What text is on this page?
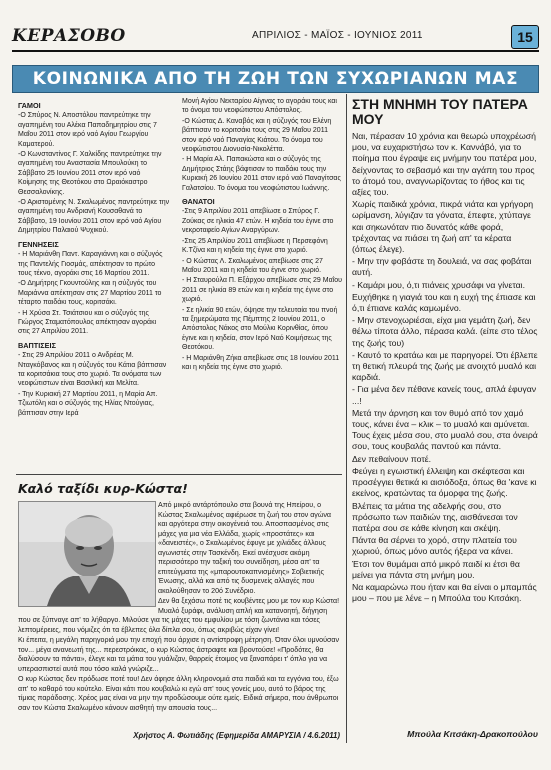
ΚΕΡΑΣΟΒΟ	ΑΠΡΙΛΙΟΣ - ΜΑΪΟΣ - ΙΟΥΝΙΟΣ 2011	15
ΚΟΙΝΩΝΙΚΑ ΑΠΟ ΤΗ ΖΩΗ ΤΩΝ ΣΥΧΩΡΙΑΝΩΝ ΜΑΣ
ΓΑΜΟΙ

-Ο Σπύρος Ν. Αποστόλου παντρεύτηκε την αγαπημένη του Αλέκα Παπαδημητρίου στις 7 Μαΐου 2011 στον ιερό ναό Αγίου Γεωργίου Καματερού.

-Ο Κωνσταντίνος Γ. Χαλκίδης παντρεύτηκε την αγαπημένη του Αναστασία Μπουλούκη το Σάββατο 25 Ιουνίου 2011 στον ιερό ναό Κοίμησης της Θεοτόκου στο Ωραιόκαστρο Θεσσαλονίκης.

-Ο Αριστομένης Ν. Σκαλωμένος παντρεύτηκε την αγαπημένη του Ανδριανή Κουσαθανά το Σάββατο, 19 Ιουνίου 2011 στον ιερό ναό Αγίου Δημητρίου Παλαιού Ψυχικού.

ΓΕΝΝΗΣΕΙΣ

- Η Μαριάνθη Παντ. Καραγιάννη και ο σύζυγός της Παντελής Γιοσμάς, απέκτησαν το πρώτο τους τέκνο, αγοράκι στις 16 Μαρτίου 2011.

-Ο Δημήτρης Γκουντούλης και η σύζυγός του Μαριάννα απέκτησαν στις 27 Μαρτίου 2011 το τέταρτο παιδάκι τους, κοριτσάκι.

- Η Χρύσα Στ. Τσιάτσιου και ο σύζυγός της Γιώργος Σταματόπουλος απέκτησαν αγοράκι στις 27 Απριλίου 2011.

ΒΑΠΤΙΣΕΙΣ

- Στις 29 Απριλίου 2011 ο Ανδρέας Μ. Νταγκόβανος και η σύζυγός του Κάτια βάπτισαν τα κοριτσάκια τους στο χωριό. Τα ονόματα των νεοφώτιστων είναι Βασιλική και Μελίτα.

- Την Κυριακή 27 Μαρτίου 2011, η Μαρία Απ. Τζιωτόλη και ο σύζυγός της Ηλίας Ντούγιας, βάπτισαν στην Ιερά

Μονή Αγίου Νεκταρίου Αίγινας το αγοράκι τους και το όνομα του νεοφώτιστου Απόστολος.

-Ο Κώστας Δ. Καναβός και η σύζυγός του Ελένη βάπτισαν το κοριτσάκι τους στις 29 Μαΐου 2011 στον ιερό ναό Παναγίας Κιάτου. Το όνομα του νεοφώτιστου Διονυσία-Νικολέττα.

- Η Μαρία Αλ. Παπακώστα και ο σύζυγός της Δημήτριος Στάης βάφτισαν το παιδάκι τους την Κυριακή 26 Ιουνίου 2011 στον ιερό ναό Παναγίτσας Γαλατσίου. Το όνομα του νεοφώτιστου Ιωάννης.

ΘΑΝΑΤΟΙ

-Στις 9 Απριλίου 2011 απεβίωσε ο Σπύρος Γ. Ζούκας σε ηλικία 47 ετών. Η κηδεία του έγινε στο νεκροταφείο Αγίων Αναργύρων.

-Στις 25 Απριλίου 2011 απεβίωσε η Περσεφόνη Κ.Τζίνα και η κηδεία της έγινε στο χωριό.

- Ο Κώστας Λ. Σκαλωμένος απεβίωσε στις 27 Μαΐου 2011 και η κηδεία του έγινε στο χωριό.

- Η Σταυρούλα Π. Εξάρχου απεβίωσε στις 29 Μαΐου 2011 σε ηλικία 89 ετών και η κηδεία της έγινε στο χωριό.

- Σε ηλικία 90 ετών, όψησε την τελευταία του πνοή τα ξημερώματα της Πέμπτης 2 Ιουνίου 2011, ο Απόστολος Νάκος στο Μούλκι Κορινθίας, όπου έγινε και η κηδεία, στον Ιερό Ναό Κοιμήσεως της Θεοτόκου.

- Η Μαριάνθη Ζήκα απεβίωσε στις 18 Ιουνίου 2011 και η κηδεία της έγινε στο χωριό.

Καλό ταξίδι κυρ-Κώστα!

Από μικρό αντάρτόπουλο στα βουνά της Ηπείρου, ο Κώστας Σκαλωμένος αφιέρωσε τη ζωή του στον αγώνα και αργότερα στην οικογένειά του. Αποσπασμένος στις μάχες για μια νέα Ελλάδα, χωρίς «προστάτες» και «δανειστές», ο Σκαλωμένος έφυγε με χιλιάδες άλλους αγωνιστές στην Τασκένδη. Εκεί ανέσχυσε ακόμη περισσότερο την ταξική του συνείδηση, μέσα απ' τα επιτεύγματα της «μπαρουτοκαπνισμένης» Σοβιετικής Ένωσης, αλλά και από τις δυσμενείς αλλαγές που ακολούθησαν το 20ό Συνέδριο.

Δεν θα ξεχάσω ποτέ τις κουβέντες μου με τον κυρ Κώστα! Μυαλό ξυράφι, ανάλυση απλή και κατανοητή, διήγηση που σε ξύπναγε απ' το λήθαργο. Μιλούσε για τις μάχες του εμφυλίου με τόση ζωντάνια και τόσες λεπτομέρειες, που νόμιζες ότι τα έβλεπες όλα δίπλα σου, όπως ακριβώς είχαν γίνει!

Κι έπειτα, η μεγάλη παρηγοριά μου την εποχή που άρχισε η αντίστροφη μέτρηση. Όταν όλοι υμνούσαν τον... μέγα ανανεωτή της... περεστρόικας, ο κυρ Κώστας άστραφτε και βροντούσε! «Προδότες, θα διαλύσουν τα πάντα», έλεγε και τα μάτια του γυάλιζαν, θαρρείς έτοιμος να ξαναπάρει τ' όπλο για να υπερασπιστεί αυτά που τόσο καλά γνώριζε...

Ο κυρ Κώστας δεν πρόδωσε ποτέ του! Δεν άφησε άλλη κληρονομιά στα παιδιά και τα εγγόνια του, έξω απ' το καθαρό του κούτελο. Είναι κάτι που κουβαλώ κι εγώ απ' τους γονείς μου, αυτό το βάρος της τίμιας παράδοσης. Χρέος μας είναι να μην την προδώσουμε ούτε εμείς. Ειδικά σήμερα, που άνθρωποι σαν τον Κώστα Σκαλωμένο κάνουν αισθητή την απουσία τους...

Χρήστος Α. Φωτιάδης (Εφημερίδα ΑΜΑΡΥΣΙΑ / 4.6.2011)
ΣΤΗ ΜΝΗΜΗ ΤΟΥ ΠΑΤΕΡΑ ΜΟΥ

Ναι, πέρασαν 10 χρόνια και θεωρώ υποχρέωσή μου, να ευχαριστήσω τον κ. Καννάβό, για το ποίημα που έγραψε εις μνήμην του πατέρα μου, δείχνοντας το σεβασμό και την αγάπη του προς το άτομό του, αναγνωρίζοντας το ήθος και τις αξίες του.

Χωρίς παιδικά χρόνια, πικρά νιάτα και γρήγορη ωρίμανση, λύγιζαν τα γόνατα, έπεφτε, χτύπαγε και σηκωνόταν πιο δυνατός κάθε φορά, τρέχοντας να πιάσει τη ζωή απ' τα κέρατα (όπως έλεγε).

- Μην την φοβάστε τη δουλειά, να σας φοβάται αυτή.

- Καμάρι μου, ό,τι πιάνεις χρυσάφι να γίνεται.

Ευχήθηκε η γιαγιά του και η ευχή της έπιασε και ό,τι έπιανε καλάς καμωμένο.

- Μην στενοχωριέσαι, είχα μια γεμάτη ζωή, δεν θέλω τίποτα άλλο, πέρασα καλά. (είπε στο τέλος της ζωής του)

- Καυτό το κρατάω και με παρηγορεί. Ότι έβλεπε τη θετική πλευρά της ζωής με ανοιχτό μυαλό και καρδιά.

- Για μένα δεν πέθανε κανείς τους, απλά έφυγαν ...!

Μετά την άρνηση και τον θυμό από τον χαμό τους, κάνει ένα – κλικ – το μυαλό και αμύνεται. Τους έχεις μέσα σου, στο μυαλό σου, στα όνειρά σου, τους κουβαλάς παντού και πάντα.

Δεν πεθαίνουν ποτέ.

Φεύγει η εγωιστική έλλειψη και σκέφτεσαι και προσέγγιει θετικά κι αισιόδοξα, όπως θα 'κανε κι εκείνος, κρατώντας τα όμορφα της ζωής.

Βλέπεις τα μάτια της αδελφής σου, στο πρόσωπο των παιδιών της, αισθάνεσαι τον πατέρα σου σε κάθε κίνηση και σκέψη.

Πάντα θα σέρνει το χορό, στην πλατεία του χωριού, όπως μόνο αυτός ήξερα να κάνει.

Έτσι τον θυμάμαι από μικρό παιδί κι έτσι θα μείνει για πάντα στη μνήμη μου.

Να καμαρώνω που ήταν και θα είναι ο μπαμπάς μου – που με λένε – η Μπούλα του Κιτσάκη.

Μπούλα Κιτσάκη-Δρακοπούλου
